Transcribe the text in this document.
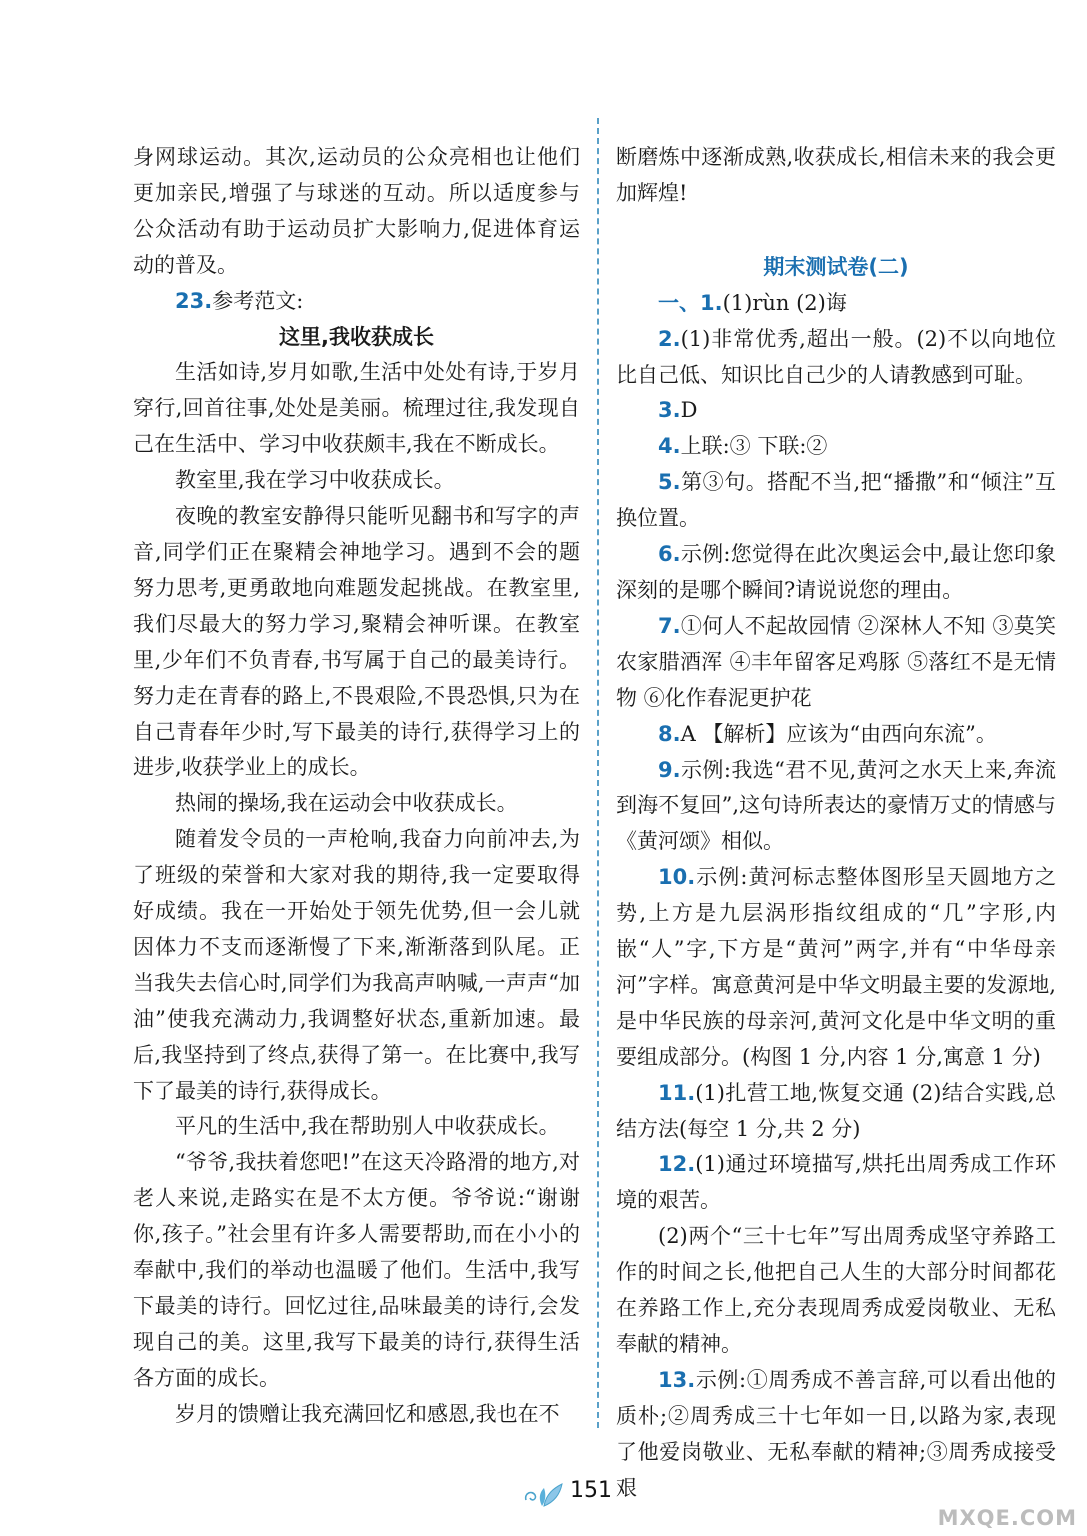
身网球运动。其次,运动员的公众亮相也让他们更加亲民,增强了与球迷的互动。所以适度参与公众活动有助于运动员扩大影响力,促进体育运动的普及。

23.参考范文:

这里,我收获成长

生活如诗,岁月如歌,生活中处处有诗,于岁月穿行,回首往事,处处是美丽。梳理过往,我发现自己在生活中、学习中收获颇丰,我在不断成长。

教室里,我在学习中收获成长。

夜晚的教室安静得只能听见翻书和写字的声音,同学们正在聚精会神地学习。遇到不会的题努力思考,更勇敢地向难题发起挑战。在教室里,我们尽最大的努力学习,聚精会神听课。在教室里,少年们不负青春,书写属于自己的最美诗行。努力走在青春的路上,不畏艰险,不畏恐惧,只为在自己青春年少时,写下最美的诗行,获得学习上的进步,收获学业上的成长。

热闹的操场,我在运动会中收获成长。

随着发令员的一声枪响,我奋力向前冲去,为了班级的荣誉和大家对我的期待,我一定要取得好成绩。我在一开始处于领先优势,但一会儿就因体力不支而逐渐慢了下来,渐渐落到队尾。正当我失去信心时,同学们为我高声呐喊,一声声“加油”使我充满动力,我调整好状态,重新加速。最后,我坚持到了终点,获得了第一。在比赛中,我写下了最美的诗行,获得成长。

平凡的生活中,我在帮助别人中收获成长。

“爷爷,我扶着您吧!”在这天冷路滑的地方,对老人来说,走路实在是不太方便。爷爷说:“谢谢你,孩子。”社会里有许多人需要帮助,而在小小的奉献中,我们的举动也温暖了他们。生活中,我写下最美的诗行。回忆过往,品味最美的诗行,会发现自己的美。这里,我写下最美的诗行,获得生活各方面的成长。

岁月的馈赠让我充满回忆和感恩,我也在不

断磨炼中逐渐成熟,收获成长,相信未来的我会更加辉煌!

期末测试卷(二)

一、1.(1)rùn (2)诲

2.(1)非常优秀,超出一般。(2)不以向地位比自己低、知识比自己少的人请教感到可耻。

3.D

4.上联:③ 下联:②

5.第③句。搭配不当,把“播撒”和“倾注”互换位置。

6.示例:您觉得在此次奥运会中,最让您印象深刻的是哪个瞬间?请说说您的理由。

7.①何人不起故园情 ②深林人不知 ③莫笑农家腊酒浑 ④丰年留客足鸡豚 ⑤落红不是无情物 ⑥化作春泥更护花

8.A 【解析】应该为“由西向东流”。

9.示例:我选“君不见,黄河之水天上来,奔流到海不复回”,这句诗所表达的豪情万丈的情感与《黄河颂》相似。

10.示例:黄河标志整体图形呈天圆地方之势,上方是九层涡形指纹组成的“几”字形,内嵌“人”字,下方是“黄河”两字,并有“中华母亲河”字样。寓意黄河是中华文明最主要的发源地,是中华民族的母亲河,黄河文化是中华文明的重要组成部分。(构图 1 分,内容 1 分,寓意 1 分)

11.(1)扎营工地,恢复交通 (2)结合实践,总结方法(每空 1 分,共 2 分)

12.(1)通过环境描写,烘托出周秀成工作环境的艰苦。

(2)两个“三十七年”写出周秀成坚守养路工作的时间之长,他把自己人生的大部分时间都花在养路工作上,充分表现周秀成爱岗敬业、无私奉献的精神。

13.示例:①周秀成不善言辞,可以看出他的质朴;②周秀成三十七年如一日,以路为家,表现了他爱岗敬业、无私奉献的精神;③周秀成接受艰

151
MXQE.COM
